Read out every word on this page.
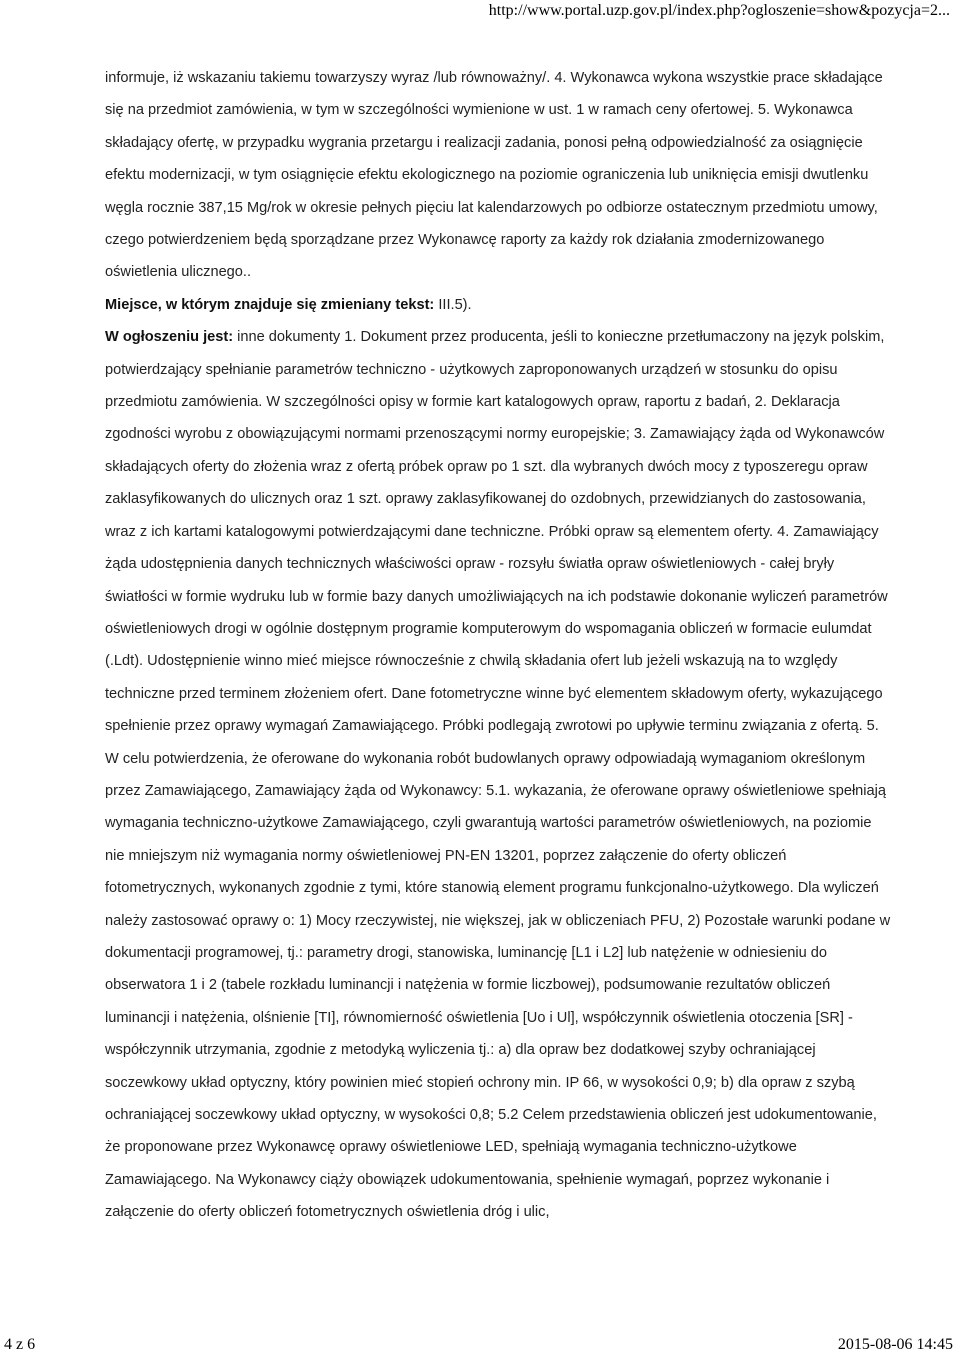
http://www.portal.uzp.gov.pl/index.php?ogloszenie=show&pozycja=2...

informuje, iż wskazaniu takiemu towarzyszy wyraz /lub równoważny/. 4. Wykonawca wykona wszystkie prace składające się na przedmiot zamówienia, w tym w szczególności wymienione w ust. 1 w ramach ceny ofertowej. 5. Wykonawca składający ofertę, w przypadku wygrania przetargu i realizacji zadania, ponosi pełną odpowiedzialność za osiągnięcie efektu modernizacji, w tym osiągnięcie efektu ekologicznego na poziomie ograniczenia lub uniknięcia emisji dwutlenku węgla rocznie 387,15 Mg/rok w okresie pełnych pięciu lat kalendarzowych po odbiorze ostatecznym przedmiotu umowy, czego potwierdzeniem będą sporządzane przez Wykonawcę raporty za każdy rok działania zmodernizowanego oświetlenia ulicznego..

Miejsce, w którym znajduje się zmieniany tekst: III.5).

W ogłoszeniu jest: inne dokumenty 1. Dokument przez producenta, jeśli to konieczne przetłumaczony na język polskim, potwierdzający spełnianie parametrów techniczno - użytkowych zaproponowanych urządzeń w stosunku do opisu przedmiotu zamówienia. W szczególności opisy w formie kart katalogowych opraw, raportu z badań, 2. Deklaracja zgodności wyrobu z obowiązującymi normami przenoszącymi normy europejskie; 3. Zamawiający żąda od Wykonawców składających oferty do złożenia wraz z ofertą próbek opraw po 1 szt. dla wybranych dwóch mocy z typoszeregu opraw zaklasyfikowanych do ulicznych oraz 1 szt. oprawy zaklasyfikowanej do ozdobnych, przewidzianych do zastosowania, wraz z ich kartami katalogowymi potwierdzającymi dane techniczne. Próbki opraw są elementem oferty. 4. Zamawiający żąda udostępnienia danych technicznych właściwości opraw - rozsyłu światła opraw oświetleniowych - całej bryły światłości w formie wydruku lub w formie bazy danych umożliwiających na ich podstawie dokonanie wyliczeń parametrów oświetleniowych drogi w ogólnie dostępnym programie komputerowym do wspomagania obliczeń w formacie eulumdat (.Ldt). Udostępnienie winno mieć miejsce równocześnie z chwilą składania ofert lub jeżeli wskazują na to względy techniczne przed terminem złożeniem ofert. Dane fotometryczne winne być elementem składowym oferty, wykazującego spełnienie przez oprawy wymagań Zamawiającego. Próbki podlegają zwrotowi po upływie terminu związania z ofertą. 5. W celu potwierdzenia, że oferowane do wykonania robót budowlanych oprawy odpowiadają wymaganiom określonym przez Zamawiającego, Zamawiający żąda od Wykonawcy: 5.1. wykazania, że oferowane oprawy oświetleniowe spełniają wymagania techniczno-użytkowe Zamawiającego, czyli gwarantują wartości parametrów oświetleniowych, na poziomie nie mniejszym niż wymagania normy oświetleniowej PN-EN 13201, poprzez załączenie do oferty obliczeń fotometrycznych, wykonanych zgodnie z tymi, które stanowią element programu funkcjonalno-użytkowego. Dla wyliczeń należy zastosować oprawy o: 1) Mocy rzeczywistej, nie większej, jak w obliczeniach PFU, 2) Pozostałe warunki podane w dokumentacji programowej, tj.: parametry drogi, stanowiska, luminancję [L1 i L2] lub natężenie w odniesieniu do obserwatora 1 i 2 (tabele rozkładu luminancji i natężenia w formie liczbowej), podsumowanie rezultatów obliczeń luminancji i natężenia, olśnienie [TI], równomierność oświetlenia [Uo i Ul], współczynnik oświetlenia otoczenia [SR] - współczynnik utrzymania, zgodnie z metodyką wyliczenia tj.: a) dla opraw bez dodatkowej szyby ochraniającej soczewkowy układ optyczny, który powinien mieć stopień ochrony min. IP 66, w wysokości 0,9; b) dla opraw z szybą ochraniającej soczewkowy układ optyczny, w wysokości 0,8; 5.2 Celem przedstawienia obliczeń jest udokumentowanie, że proponowane przez Wykonawcę oprawy oświetleniowe LED, spełniają wymagania techniczno-użytkowe Zamawiającego. Na Wykonawcy ciąży obowiązek udokumentowania, spełnienie wymagań, poprzez wykonanie i załączenie do oferty obliczeń fotometrycznych oświetlenia dróg i ulic,

4 z 6	2015-08-06 14:45
